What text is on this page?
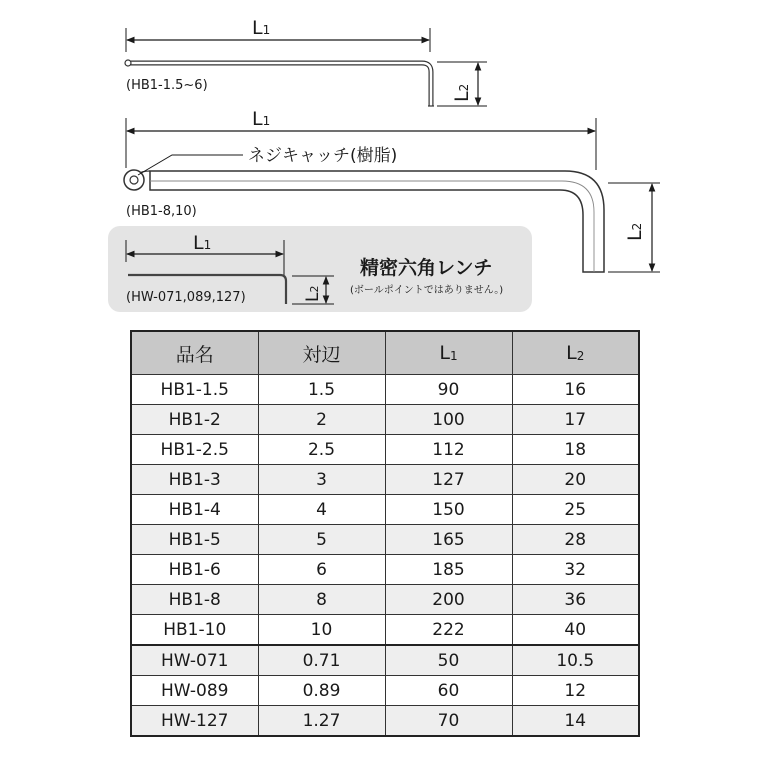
L1
L2
L1
ネジキャッチ(樹脂)
L2
L1
L2
精密六角レンチ
(ボールポイントではありません。)
(HB1-1.5~6)
(HB1-8,10)
(HW-071,089,127)
品名	対辺	L1	L2
HB1-1.5	1.5	90	16
HB1-2	2	100	17
HB1-2.5	2.5	112	18
HB1-3	3	127	20
HB1-4	4	150	25
HB1-5	5	165	28
HB1-6	6	185	32
HB1-8	8	200	36
HB1-10	10	222	40
HW-071	0.71	50	10.5
HW-089	0.89	60	12
HW-127	1.27	70	14
